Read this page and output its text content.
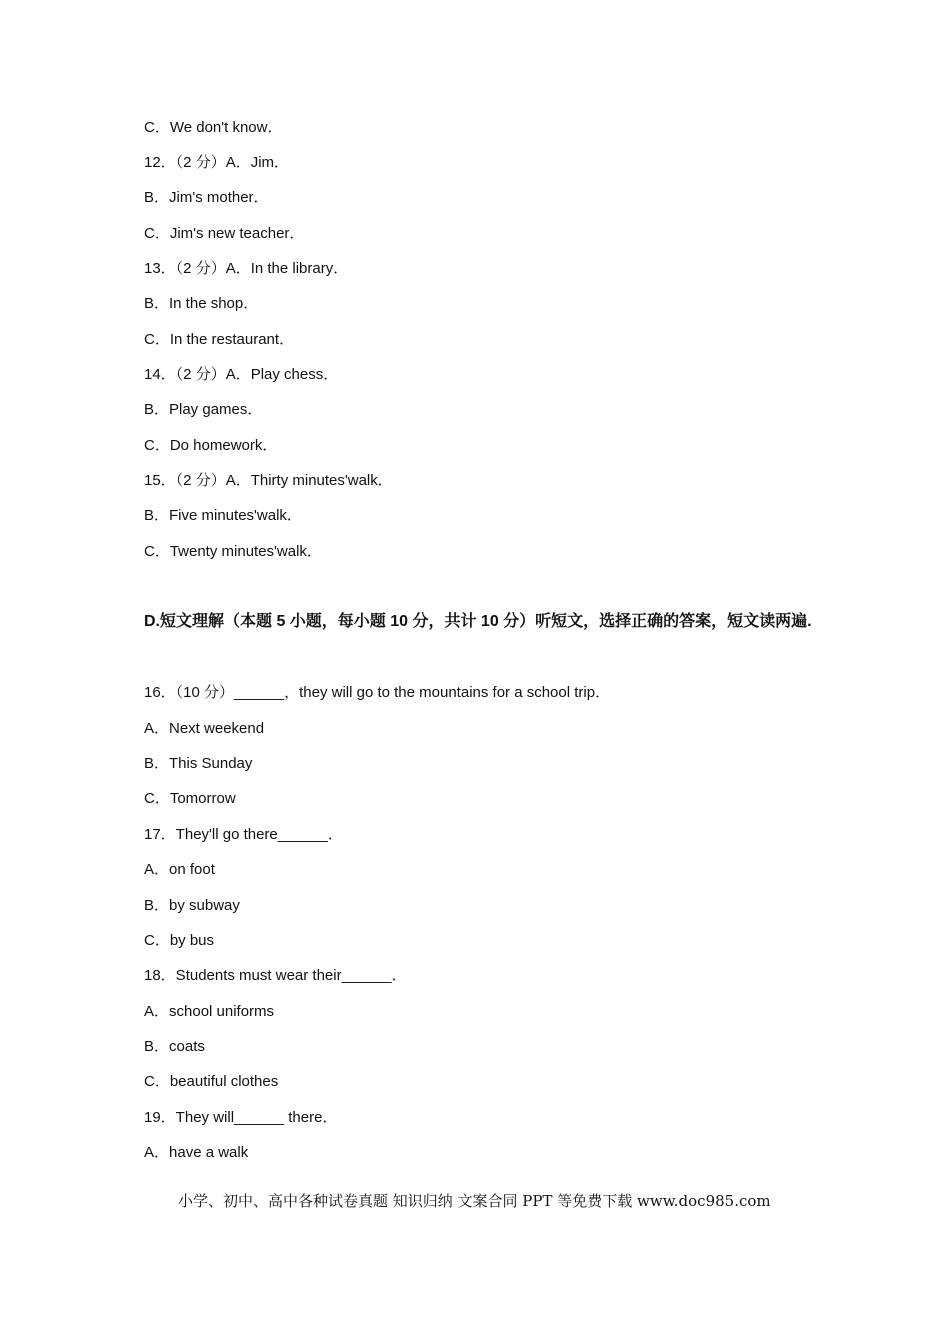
C．We don't know．
12．（2 分）A．Jim．
B．Jim's mother．
C．Jim's new teacher．
13．（2 分）A．In the library．
B．In the shop．
C．In the restaurant．
14．（2 分）A．Play chess．
B．Play games．
C．Do homework．
15．（2 分）A．Thirty minutes'walk．
B．Five minutes'walk．
C．Twenty minutes'walk．
D.短文理解（本题 5 小题，每小题 10 分，共计 10 分）听短文，选择正确的答案，短文读两遍.
16．（10 分）______，they will go to the mountains for a school trip．
A．Next weekend
B．This Sunday
C．Tomorrow
17．They'll go there______．
A．on foot
B．by subway
C．by bus
18．Students must wear their______．
A．school uniforms
B．coats
C．beautiful clothes
19．They will______ there．
A．have a walk
小学、初中、高中各种试卷真题 知识归纳 文案合同 PPT 等免费下载 www.doc985.com
